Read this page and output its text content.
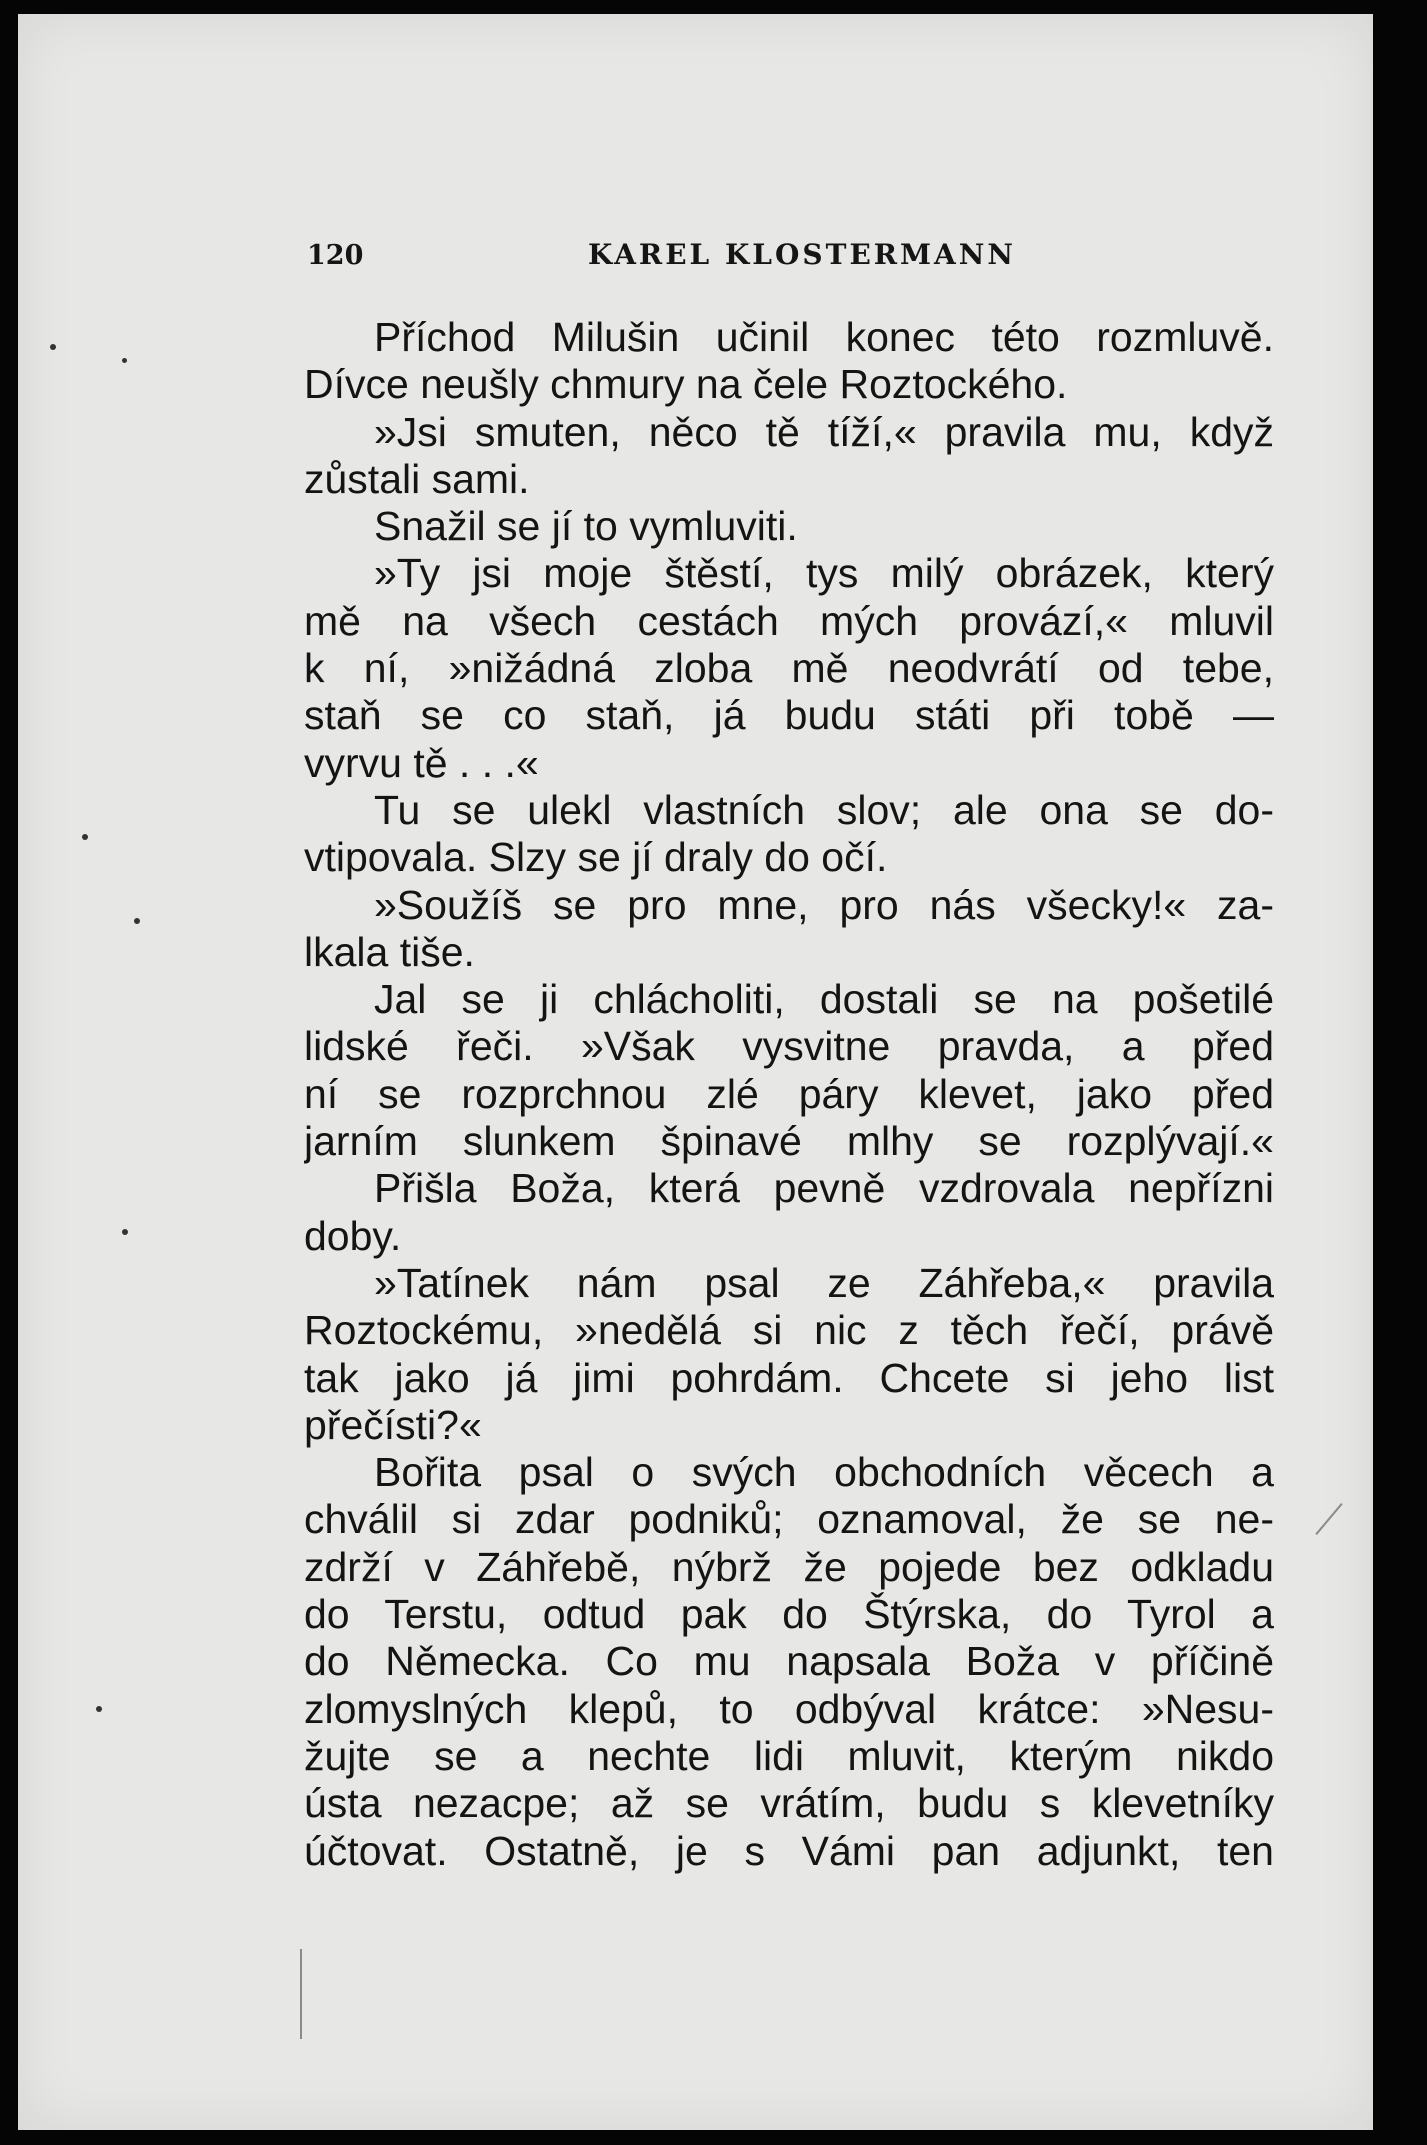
120	KAREL KLOSTERMANN
Příchod Milušin učinil konec této rozmluvě.
Dívce neušly chmury na čele Roztockého.
»Jsi smuten, něco tě tíží,« pravila mu, když
zůstali sami.
Snažil se jí to vymluviti.
»Ty jsi moje štěstí, tys milý obrázek, který
mě na všech cestách mých provází,« mluvil
k ní, »nižádná zloba mě neodvrátí od tebe,
staň se co staň, já budu státi při tobě —
vyrvu tě . . .«
Tu se ulekl vlastních slov; ale ona se do-
vtipovala. Slzy se jí draly do očí.
»Soužíš se pro mne, pro nás všecky!« za-
lkala tiše.
Jal se ji chlácholiti, dostali se na pošetilé
lidské řeči. »Však vysvitne pravda, a před
ní se rozprchnou zlé páry klevet, jako před
jarním slunkem špinavé mlhy se rozplývají.«
Přišla Boža, která pevně vzdrovala nepřízni
doby.
»Tatínek nám psal ze Záhřeba,« pravila
Roztockému, »nedělá si nic z těch řečí, právě
tak jako já jimi pohrdám. Chcete si jeho list
přečísti?«
Bořita psal o svých obchodních věcech a
chválil si zdar podniků; oznamoval, že se ne-
zdrží v Záhřebě, nýbrž že pojede bez odkladu
do Terstu, odtud pak do Štýrska, do Tyrol a
do Německa. Co mu napsala Boža v příčině
zlomyslných klepů, to odbýval krátce: »Nesu-
žujte se a nechte lidi mluvit, kterým nikdo
ústa nezacpe; až se vrátím, budu s klevetníky
účtovat. Ostatně, je s Vámi pan adjunkt, ten
